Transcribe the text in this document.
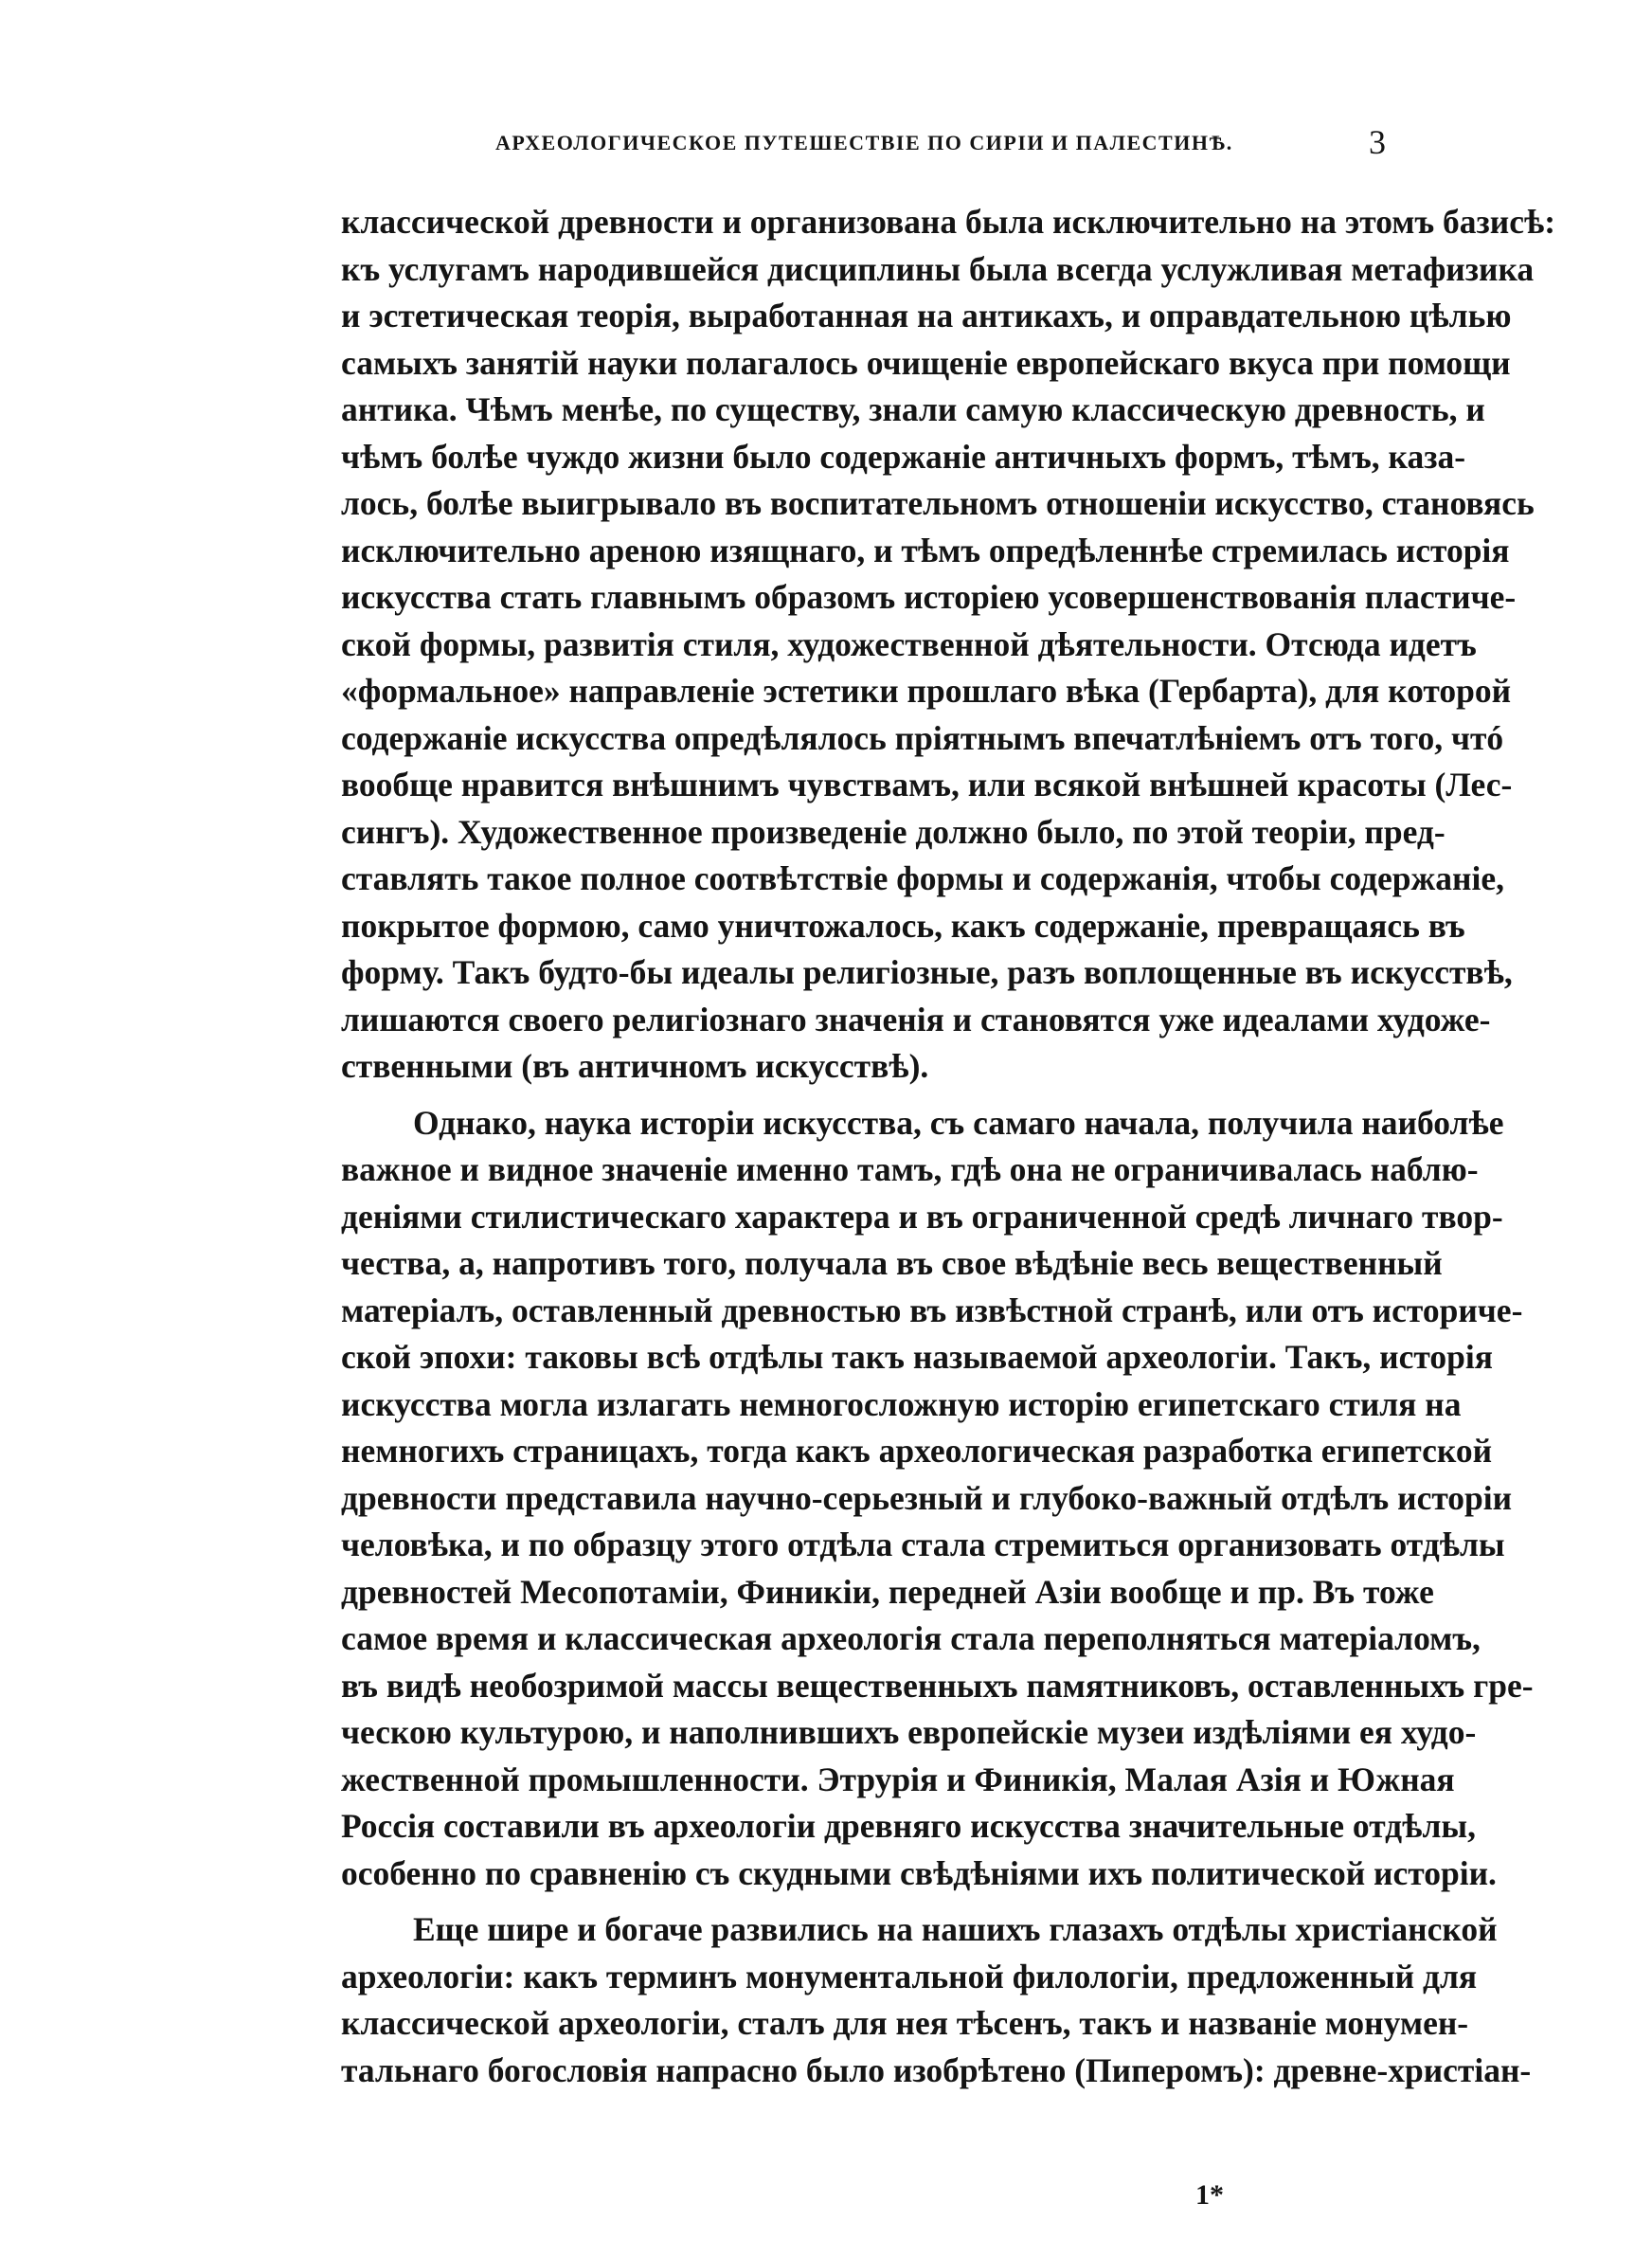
АРХЕОЛОГИЧЕСКОЕ ПУТЕШЕСТВІЕ ПО СИРІИ И ПАЛЕСТИНѢ.	3
классической древности и организована была исключительно на этомъ базисѣ:
къ услугамъ народившейся дисциплины была всегда услужливая метафизика
и эстетическая теорія, выработанная на антикахъ, и оправдательною цѣлью
самыхъ занятій науки полагалось очищеніе европейскаго вкуса при помощи
антика. Чѣмъ менѣе, по существу, знали самую классическую древность, и
чѣмъ болѣе чуждо жизни было содержаніе античныхъ формъ, тѣмъ, каза-
лось, болѣе выигрывало въ воспитательномъ отношеніи искусство, становясь
исключительно ареною изящнаго, и тѣмъ опредѣленнѣе стремилась исторія
искусства стать главнымъ образомъ исторіею усовершенствованія пластиче-
ской формы, развитія стиля, художественной дѣятельности. Отсюда идетъ
«формальное» направленіе эстетики прошлаго вѣка (Гербарта), для которой
содержаніе искусства опредѣлялось пріятнымъ впечатлѣніемъ отъ того, чтó
вообще нравится внѣшнимъ чувствамъ, или всякой внѣшней красоты (Лес-
сингъ). Художественное произведеніе должно было, по этой теоріи, пред-
ставлять такое полное соотвѣтствіе формы и содержанія, чтобы содержаніе,
покрытое формою, само уничтожалось, какъ содержаніе, превращаясь въ
форму. Такъ будто-бы идеалы религіозные, разъ воплощенные въ искусствѣ,
лишаются своего религіознаго значенія и становятся уже идеалами художе-
ственными (въ античномъ искусствѣ).
Однако, наука исторіи искусства, съ самаго начала, получила наиболѣе
важное и видное значеніе именно тамъ, гдѣ она не ограничивалась наблю-
деніями стилистическаго характера и въ ограниченной средѣ личнаго твор-
чества, а, напротивъ того, получала въ свое вѣдѣніе весь вещественный
матеріалъ, оставленный древностью въ извѣстной странѣ, или отъ историче-
ской эпохи: таковы всѣ отдѣлы такъ называемой археологіи. Такъ, исторія
искусства могла излагать немногосложную исторію египетскаго стиля на
немногихъ страницахъ, тогда какъ археологическая разработка египетской
древности представила научно-серьезный и глубоко-важный отдѣлъ исторіи
человѣка, и по образцу этого отдѣла стала стремиться организовать отдѣлы
древностей Месопотаміи, Финикіи, передней Азіи вообще и пр. Въ тоже
самое время и классическая археологія стала переполняться матеріаломъ,
въ видѣ необозримой массы вещественныхъ памятниковъ, оставленныхъ гре-
ческою культурою, и наполнившихъ европейскіе музеи издѣліями ея худо-
жественной промышленности. Этрурія и Финикія, Малая Азія и Южная
Россія составили въ археологіи древняго искусства значительные отдѣлы,
особенно по сравненію съ скудными свѣдѣніями ихъ политической исторіи.
Еще шире и богаче развились на нашихъ глазахъ отдѣлы христіанской
археологіи: какъ терминъ монументальной филологіи, предложенный для
классической археологіи, сталъ для нея тѣсенъ, такъ и названіе монумен-
тальнаго богословія напрасно было изобрѣтено (Пиперомъ): древне-христіан-
1*
